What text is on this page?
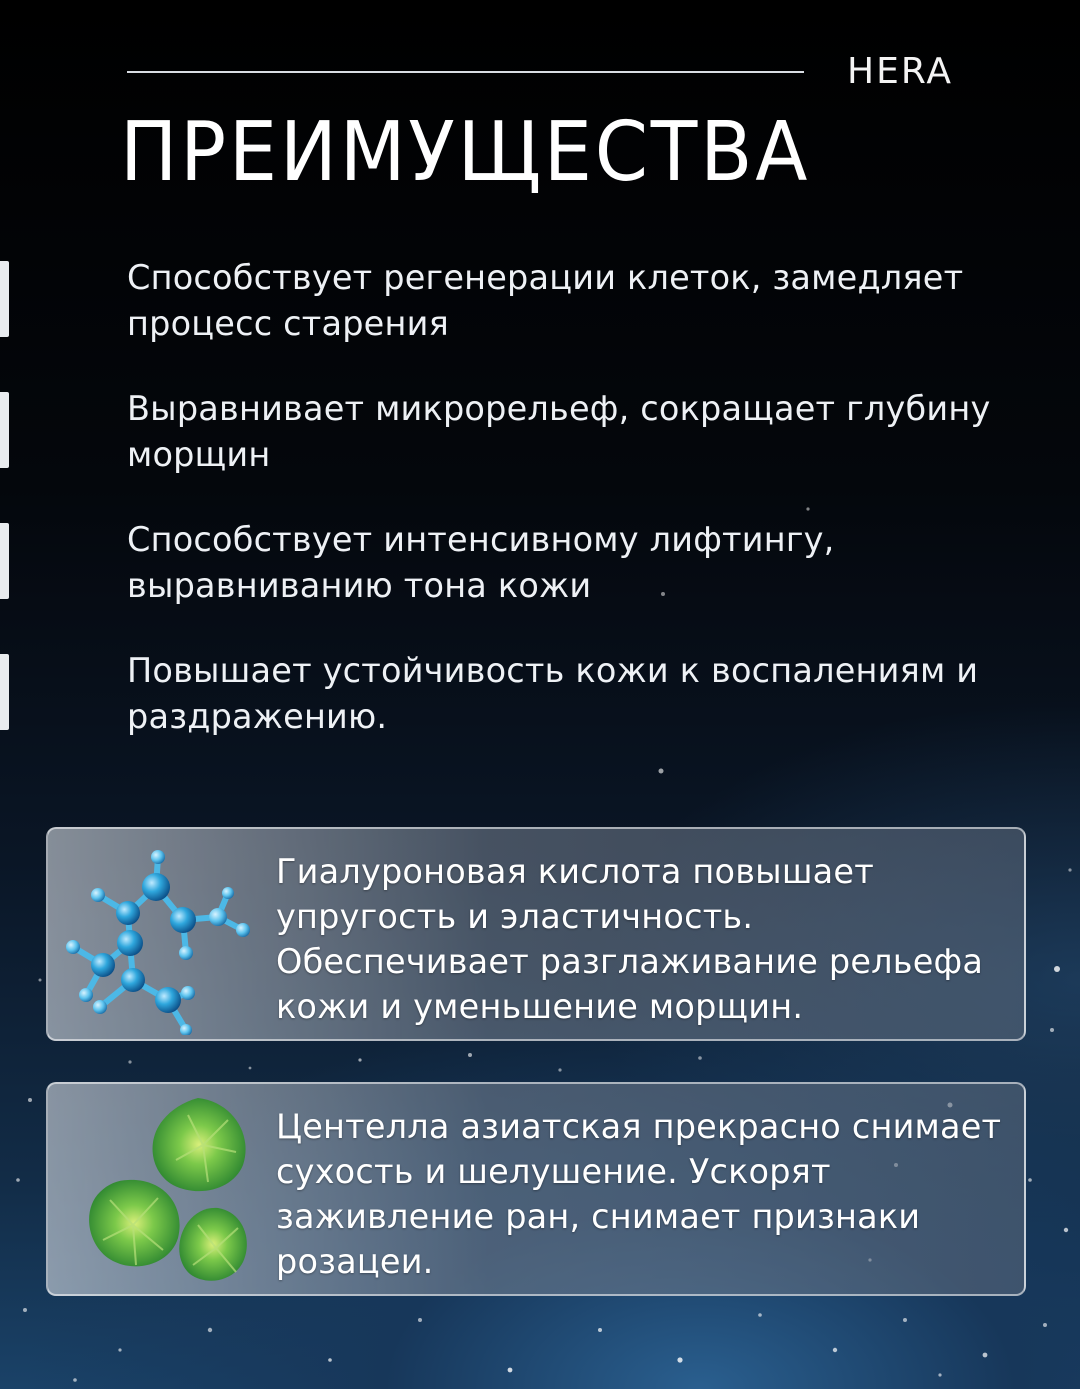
HERA
ПРЕИМУЩЕСТВА
Способствует регенерации клеток, замедляет процесс старения
Выравнивает микрорельеф, сокращает глубину морщин
Способствует интенсивному лифтингу, выравниванию тона кожи
Повышает устойчивость кожи к воспалениям и раздражению.
Гиалуроновая кислота повышает упругость и эластичность. Обеспечивает разглаживание рельефа кожи и уменьшение морщин.
Центелла азиатская прекрасно снимает сухость и шелушение. Ускорят заживление ран, снимает признаки розацеи.
